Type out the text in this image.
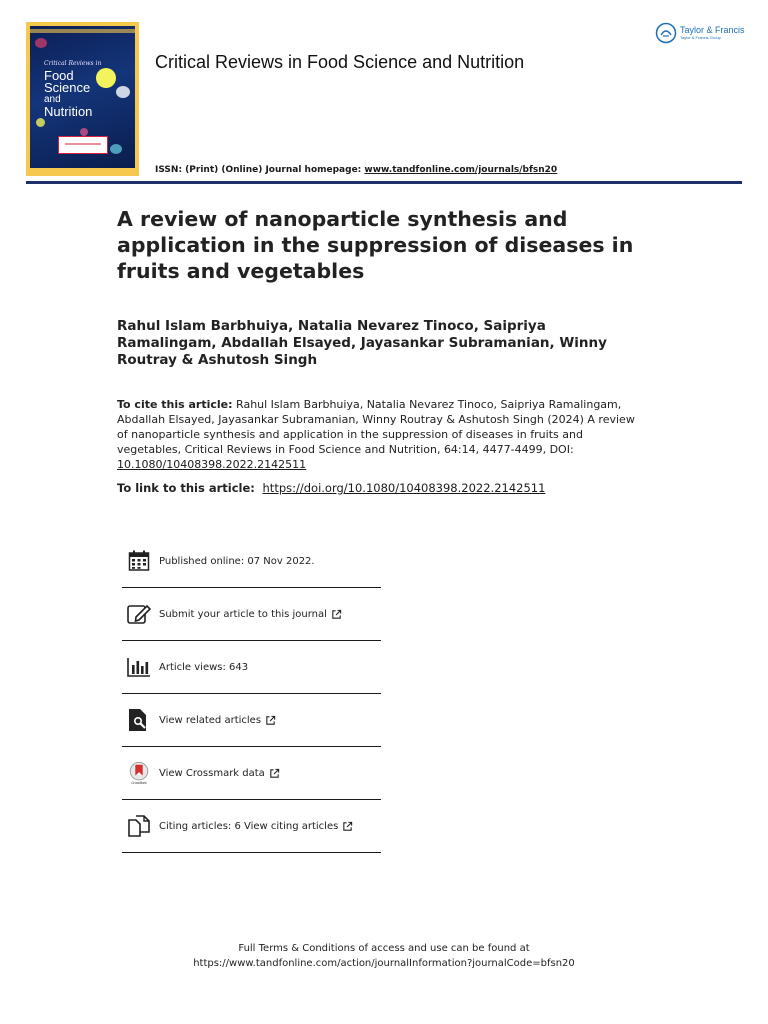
Critical Reviews in
Food
Science
and
Nutrition
Critical Reviews in Food Science and Nutrition
Taylor & Francis
Taylor & Francis Group
ISSN: (Print) (Online) Journal homepage: www.tandfonline.com/journals/bfsn20
A review of nanoparticle synthesis and application in the suppression of diseases in fruits and vegetables

Rahul Islam Barbhuiya, Natalia Nevarez Tinoco, Saipriya Ramalingam, Abdallah Elsayed, Jayasankar Subramanian, Winny Routray & Ashutosh Singh

To cite this article: Rahul Islam Barbhuiya, Natalia Nevarez Tinoco, Saipriya Ramalingam, Abdallah Elsayed, Jayasankar Subramanian, Winny Routray & Ashutosh Singh (2024) A review of nanoparticle synthesis and application in the suppression of diseases in fruits and vegetables, Critical Reviews in Food Science and Nutrition, 64:14, 4477-4499, DOI: 10.1080/10408398.2022.2142511

To link to this article: https://doi.org/10.1080/10408398.2022.2142511

Published online: 07 Nov 2022.
Submit your article to this journal
Article views: 643
View related articles
CrossMark
View Crossmark data
Citing articles: 6 View citing articles
Full Terms & Conditions of access and use can be found at
https://www.tandfonline.com/action/journalInformation?journalCode=bfsn20
